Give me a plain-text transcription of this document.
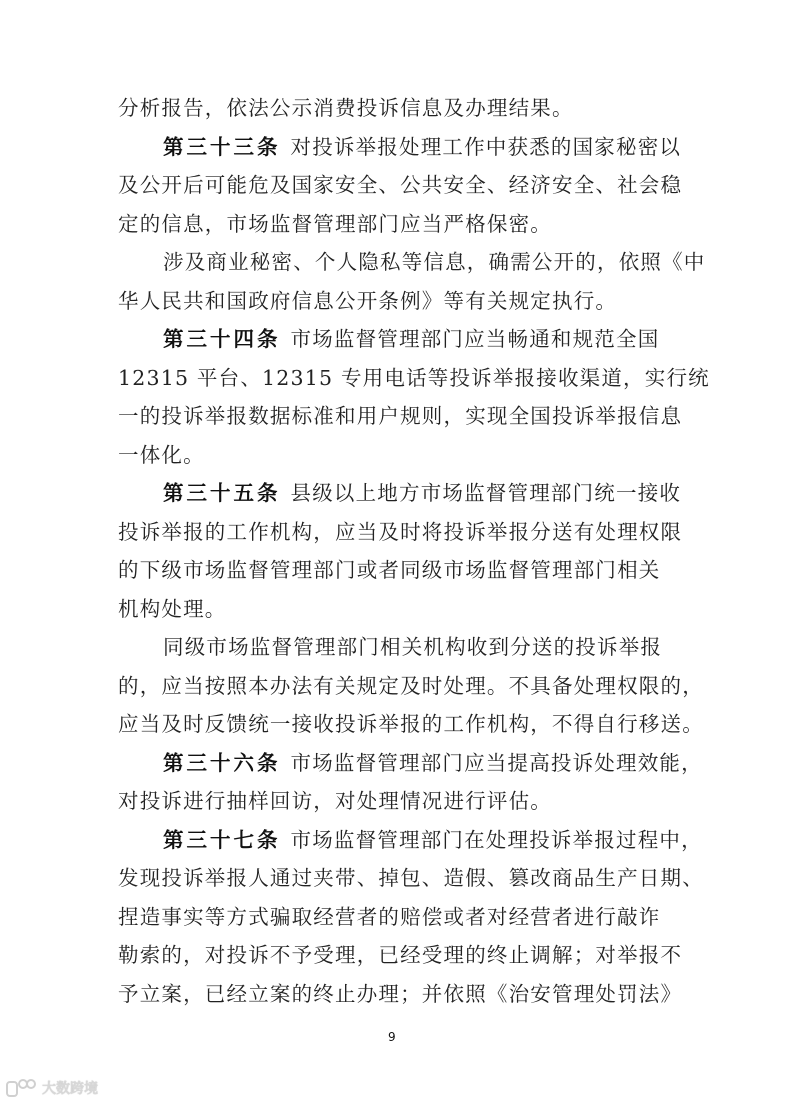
分析报告，依法公示消费投诉信息及办理结果。
第三十三条 对投诉举报处理工作中获悉的国家秘密以
及公开后可能危及国家安全、公共安全、经济安全、社会稳
定的信息，市场监督管理部门应当严格保密。
涉及商业秘密、个人隐私等信息，确需公开的，依照《中
华人民共和国政府信息公开条例》等有关规定执行。
第三十四条 市场监督管理部门应当畅通和规范全国
12315 平台、12315 专用电话等投诉举报接收渠道，实行统
一的投诉举报数据标准和用户规则，实现全国投诉举报信息
一体化。
第三十五条 县级以上地方市场监督管理部门统一接收
投诉举报的工作机构，应当及时将投诉举报分送有处理权限
的下级市场监督管理部门或者同级市场监督管理部门相关
机构处理。
同级市场监督管理部门相关机构收到分送的投诉举报
的，应当按照本办法有关规定及时处理。不具备处理权限的，
应当及时反馈统一接收投诉举报的工作机构，不得自行移送。
第三十六条 市场监督管理部门应当提高投诉处理效能，
对投诉进行抽样回访，对处理情况进行评估。
第三十七条 市场监督管理部门在处理投诉举报过程中，
发现投诉举报人通过夹带、掉包、造假、篡改商品生产日期、
捏造事实等方式骗取经营者的赔偿或者对经营者进行敲诈
勒索的，对投诉不予受理，已经受理的终止调解；对举报不
予立案，已经立案的终止办理；并依照《治安管理处罚法》
9
大数跨境
